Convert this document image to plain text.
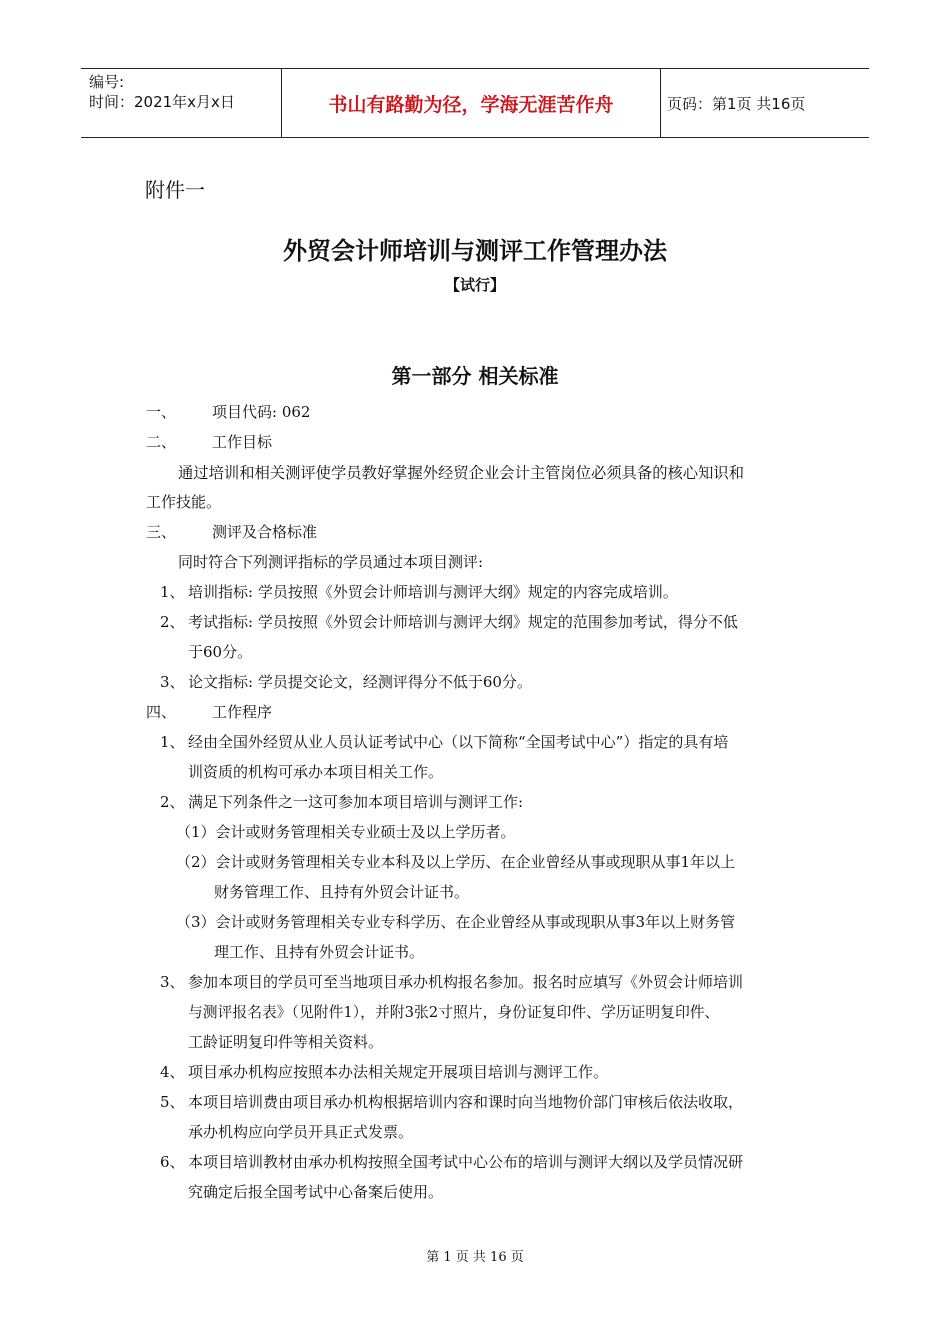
编号:
时间：2021年x月x日	书山有路勤为径，学海无涯苦作舟	页码：第1页 共16页
附件一
外贸会计师培训与测评工作管理办法
【试行】
第一部分 相关标准
一、 项目代码: 062
二、 工作目标
通过培训和相关测评使学员教好掌握外经贸企业会计主管岗位必须具备的核心知识和
工作技能。
三、 测评及合格标准
同时符合下列测评指标的学员通过本项目测评:
1、 培训指标: 学员按照《外贸会计师培训与测评大纲》规定的内容完成培训。
2、 考试指标: 学员按照《外贸会计师培训与测评大纲》规定的范围参加考试，得分不低
于60分。
3、 论文指标: 学员提交论文，经测评得分不低于60分。
四、 工作程序
1、 经由全国外经贸从业人员认证考试中心（以下简称“全国考试中心”）指定的具有培
训资质的机构可承办本项目相关工作。
2、 满足下列条件之一这可参加本项目培训与测评工作:
（1）会计或财务管理相关专业硕士及以上学历者。
（2）会计或财务管理相关专业本科及以上学历、在企业曾经从事或现职从事1年以上
财务管理工作、且持有外贸会计证书。
（3）会计或财务管理相关专业专科学历、在企业曾经从事或现职从事3年以上财务管
理工作、且持有外贸会计证书。
3、 参加本项目的学员可至当地项目承办机构报名参加。报名时应填写《外贸会计师培训
与测评报名表》（见附件1），并附3张2寸照片，身份证复印件、学历证明复印件、
工龄证明复印件等相关资料。
4、 项目承办机构应按照本办法相关规定开展项目培训与测评工作。
5、 本项目培训费由项目承办机构根据培训内容和课时向当地物价部门审核后依法收取，
承办机构应向学员开具正式发票。
6、 本项目培训教材由承办机构按照全国考试中心公布的培训与测评大纲以及学员情况研
究确定后报全国考试中心备案后使用。
第 1 页 共 16 页
